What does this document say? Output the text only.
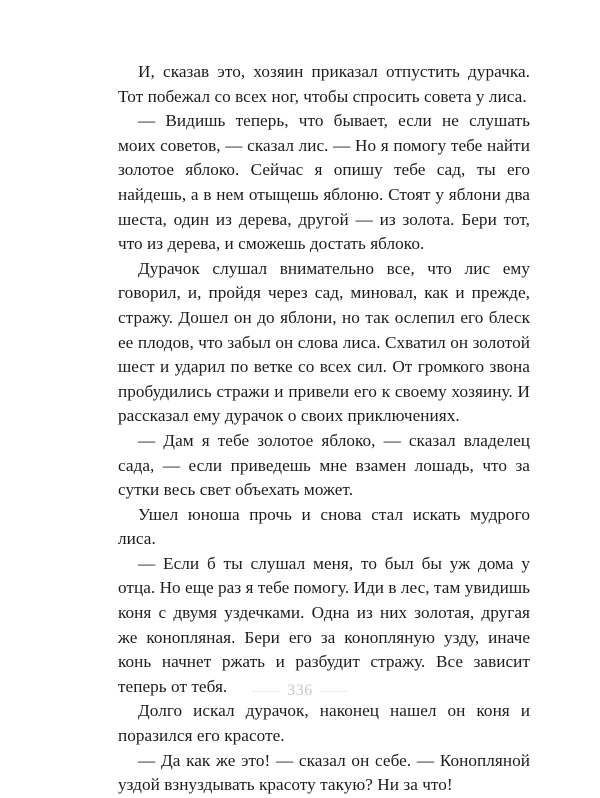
И, сказав это, хозяин приказал отпустить дурачка. Тот побежал со всех ног, чтобы спросить совета у лиса.

— Видишь теперь, что бывает, если не слушать моих советов, — сказал лис. — Но я помогу тебе найти золотое яблоко. Сейчас я опишу тебе сад, ты его найдешь, а в нем отыщешь яблоню. Стоят у яблони два шеста, один из дерева, другой — из золота. Бери тот, что из дерева, и сможешь достать яблоко.

Дурачок слушал внимательно все, что лис ему говорил, и, пройдя через сад, миновал, как и прежде, стражу. Дошел он до яблони, но так ослепил его блеск ее плодов, что забыл он слова лиса. Схватил он золотой шест и ударил по ветке со всех сил. От громкого звона пробудились стражи и привели его к своему хозяину. И рассказал ему дурачок о своих приключениях.

— Дам я тебе золотое яблоко, — сказал владелец сада, — если приведешь мне взамен лошадь, что за сутки весь свет объехать может.

Ушел юноша прочь и снова стал искать мудрого лиса.

— Если б ты слушал меня, то был бы уж дома у отца. Но еще раз я тебе помогу. Иди в лес, там увидишь коня с двумя уздечками. Одна из них золотая, другая же конопляная. Бери его за конопляную узду, иначе конь начнет ржать и разбудит стражу. Все зависит теперь от тебя.

Долго искал дурачок, наконец нашел он коня и поразился его красоте.

— Да как же это! — сказал он себе. — Конопляной уздой взнуздывать красоту такую? Ни за что!

336
